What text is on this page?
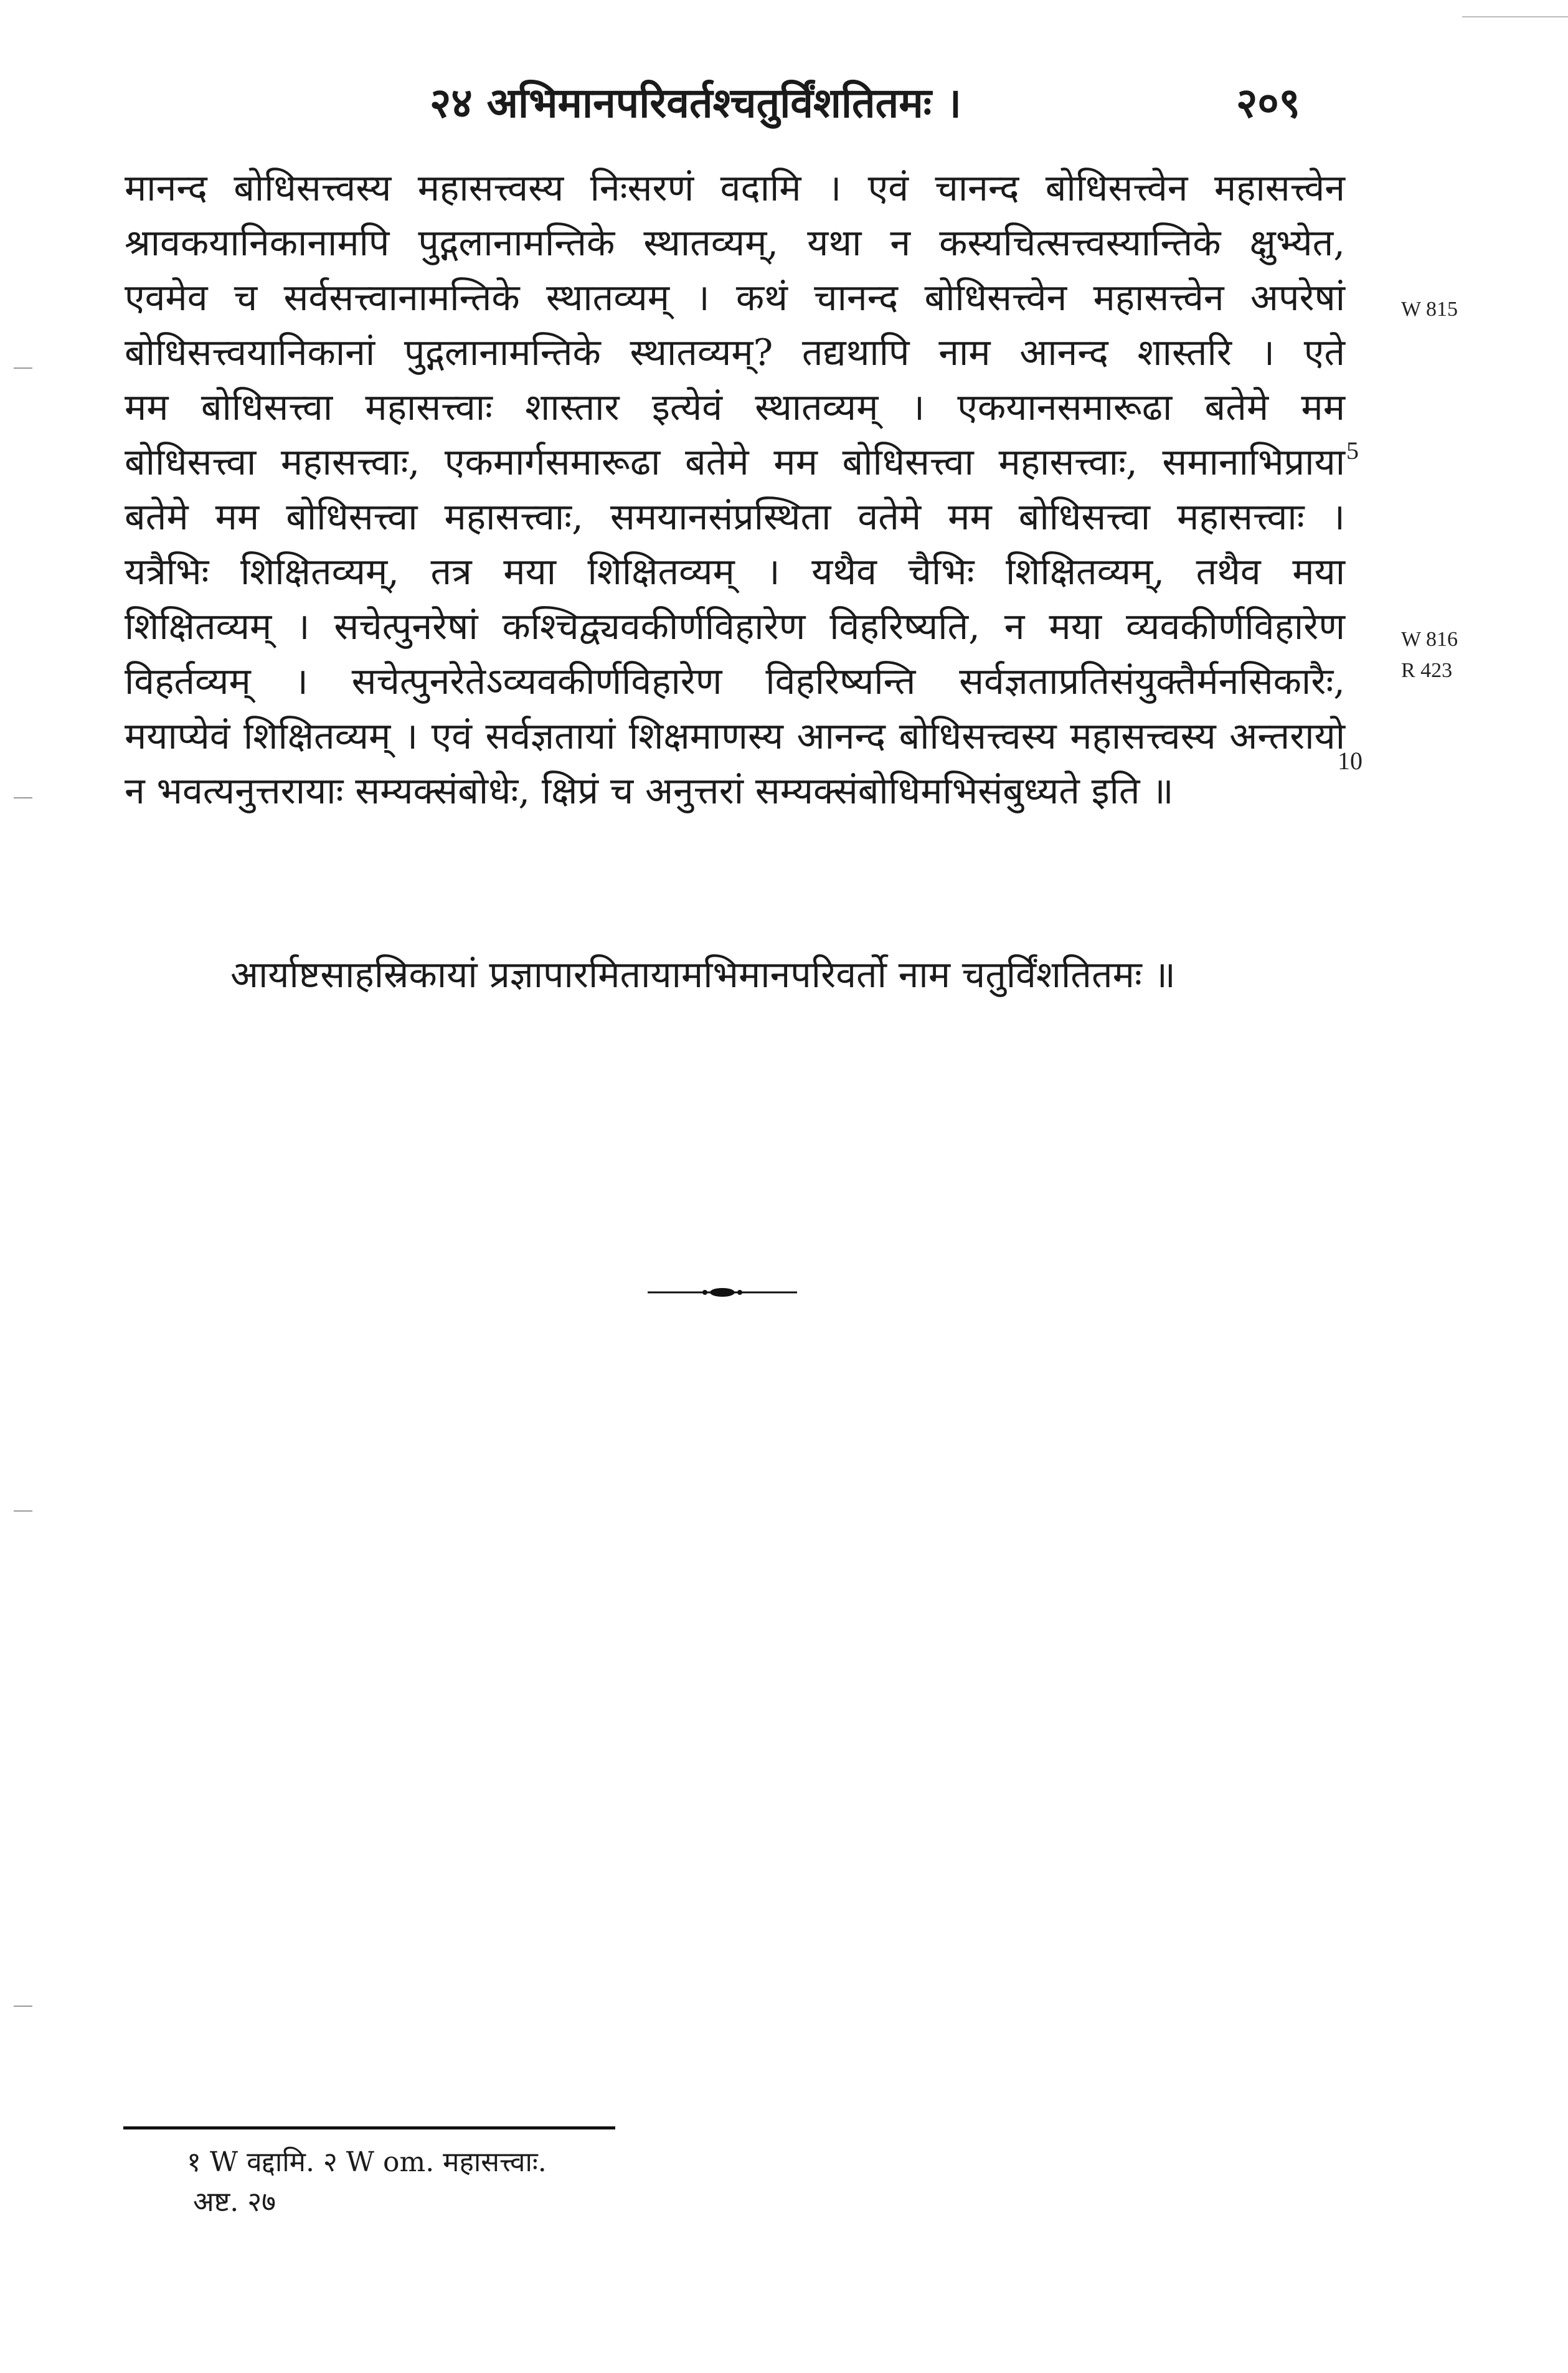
२४ अभिमानपरिवर्तश्चतुर्विंशतितमः ।	२०९
मानन्द बोधिसत्त्वस्य महासत्त्वस्य निःसरणं वदामि । एवं चानन्द बोधिसत्त्वेन महासत्त्वेन
श्रावकयानिकानामपि पुद्गलानामन्तिके स्थातव्यम्, यथा न कस्यचित्सत्त्वस्यान्तिके क्षुभ्येत,
एवमेव च सर्वसत्त्वानामन्तिके स्थातव्यम् । कथं चानन्द बोधिसत्त्वेन महासत्त्वेन अपरेषां
बोधिसत्त्वयानिकानां पुद्गलानामन्तिके स्थातव्यम्? तद्यथापि नाम आनन्द शास्तरि । एते
मम बोधिसत्त्वा महासत्त्वाः शास्तार इत्येवं स्थातव्यम् । एकयानसमारूढा बतेमे मम
बोधिसत्त्वा महासत्त्वाः, एकमार्गसमारूढा बतेमे मम बोधिसत्त्वा महासत्त्वाः, समानाभिप्राया
बतेमे मम बोधिसत्त्वा महासत्त्वाः, समयानसंप्रस्थिता वतेमे मम बोधिसत्त्वा महासत्त्वाः ।
यत्रैभिः शिक्षितव्यम्, तत्र मया शिक्षितव्यम् । यथैव चैभिः शिक्षितव्यम्, तथैव मया
शिक्षितव्यम् । सचेत्पुनरेषां कश्चिद्व्यवकीर्णविहारेण विहरिष्यति, न मया व्यवकीर्णविहारेण
विहर्तव्यम् । सचेत्पुनरेतेऽव्यवकीर्णविहारेण विहरिष्यन्ति सर्वज्ञताप्रतिसंयुक्तैर्मनसिकारैः,
मयाप्येवं शिक्षितव्यम् । एवं सर्वज्ञतायां शिक्षमाणस्य आनन्द बोधिसत्त्वस्य महासत्त्वस्य अन्तरायो
न भवत्यनुत्तरायाः सम्यक्संबोधेः, क्षिप्रं च अनुत्तरां सम्यक्संबोधिमभिसंबुध्यते इति ॥
W 815
W 816
R 423
5
10
आर्याष्टसाहस्रिकायां प्रज्ञापारमितायामभिमानपरिवर्तो नाम चतुर्विंशतितमः ॥
१ W वद्दामि. २ W om. महासत्त्वाः.
अष्ट. २७
